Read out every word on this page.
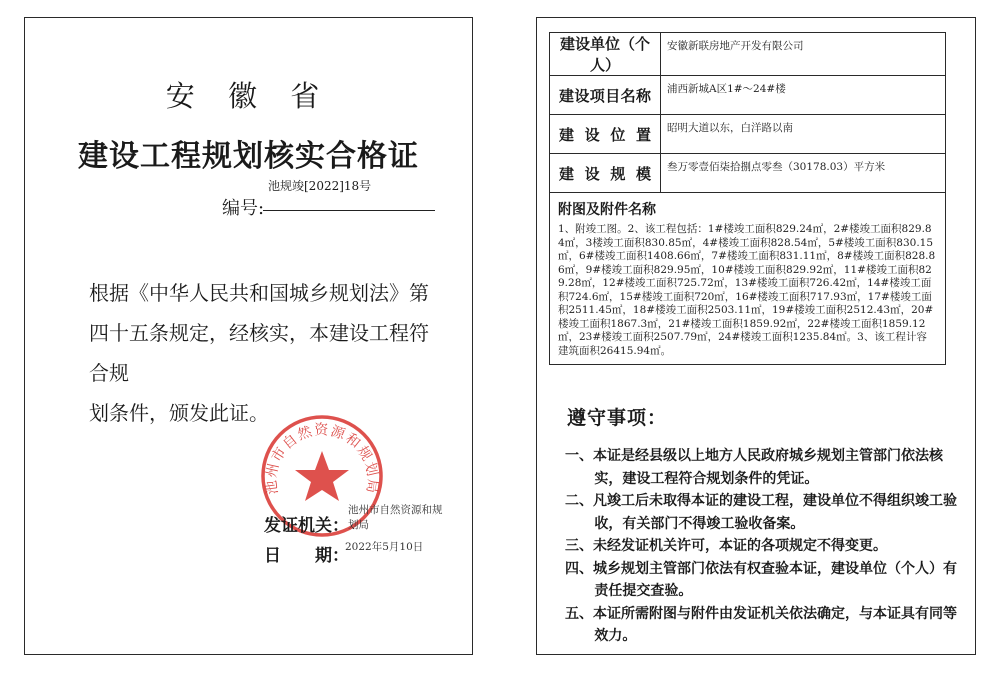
安 徽 省
建设工程规划核实合格证
池规竣[2022]18号
编号:
根据《中华人民共和国城乡规划法》第
四十五条规定，经核实，本建设工程符合规
划条件，颁发此证。
池州市自然资源和规划局
发证机关：
池州市自然资源和规划局
日　　期：
2022年5月10日
建设单位（个人）	安徽新联房地产开发有限公司
建设项目名称	浦西新城A区1#～24#楼
建设位置	昭明大道以东，白洋路以南
建设规模	叁万零壹佰柒拾捌点零叁（30178.03）平方米

附图及附件名称
1、附竣工图。2、该工程包括：1#楼竣工面积829.24㎡，2#楼竣工面积829.84㎡，3楼竣工面积830.85㎡，4#楼竣工面积828.54㎡，5#楼竣工面积830.15㎡，6#楼竣工面积1408.66㎡，7#楼竣工面积831.11㎡，8#楼竣工面积828.86㎡，9#楼竣工面积829.95㎡，10#楼竣工面积829.92㎡，11#楼竣工面积829.28㎡，12#楼竣工面积725.72㎡，13#楼竣工面积726.42㎡，14#楼竣工面积724.6㎡，15#楼竣工面积720㎡，16#楼竣工面积717.93㎡，17#楼竣工面积2511.45㎡，18#楼竣工面积2503.11㎡，19#楼竣工面积2512.43㎡，20#楼竣工面积1867.3㎡，21#楼竣工面积1859.92㎡，22#楼竣工面积1859.12㎡，23#楼竣工面积2507.79㎡，24#楼竣工面积1235.84㎡。3、该工程计容建筑面积26415.94㎡。	
遵守事项：
一、本证是经县级以上地方人民政府城乡规划主管部门依法核实，建设工程符合规划条件的凭证。
二、凡竣工后未取得本证的建设工程，建设单位不得组织竣工验收，有关部门不得竣工验收备案。
三、未经发证机关许可，本证的各项规定不得变更。
四、城乡规划主管部门依法有权查验本证，建设单位（个人）有责任提交查验。
五、本证所需附图与附件由发证机关依法确定，与本证具有同等效力。
